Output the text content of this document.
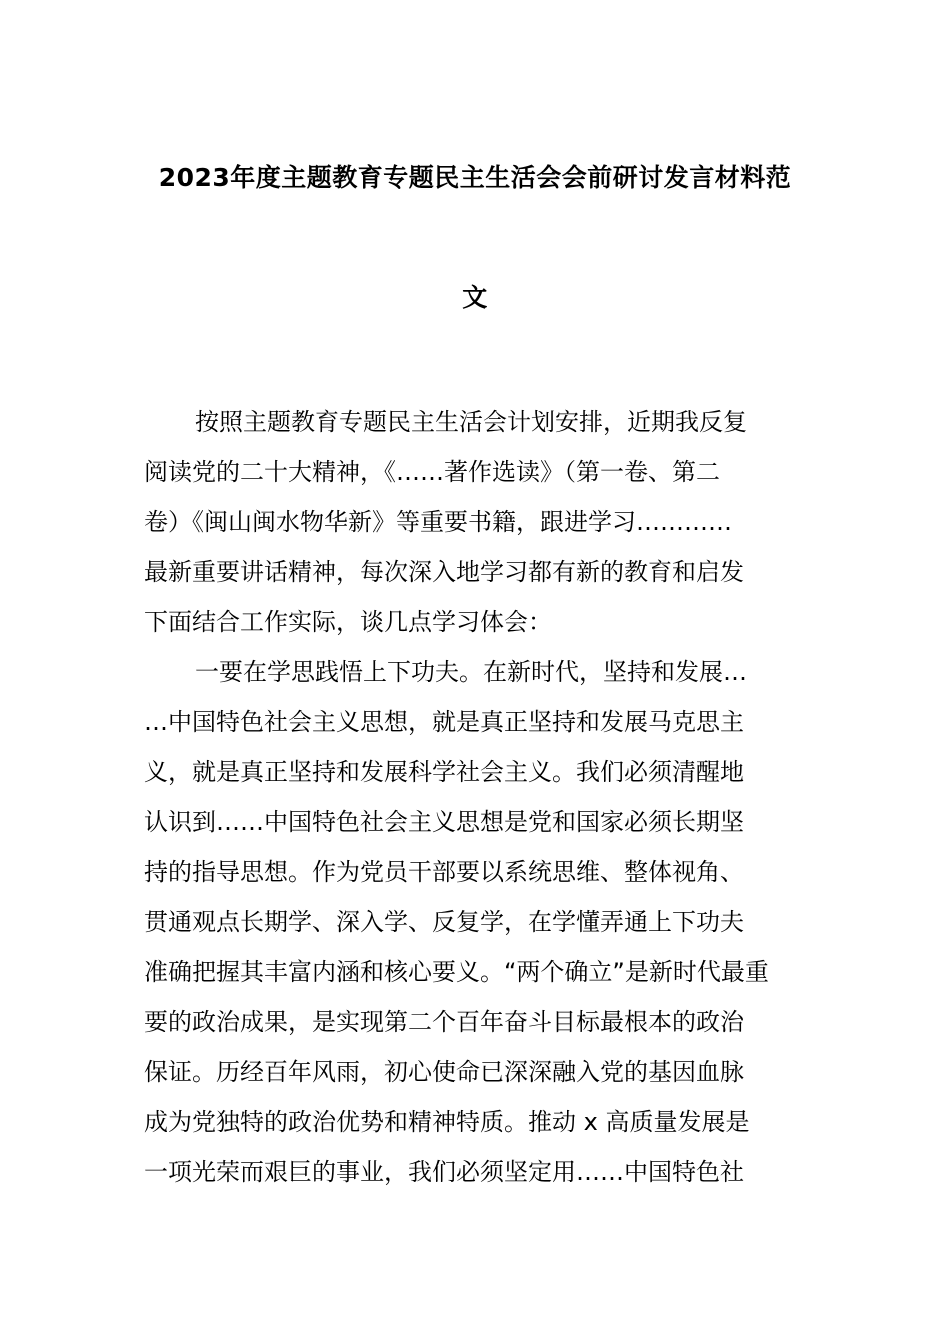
2023年度主题教育专题民主生活会会前研讨发言材料范
文
按照主题教育专题民主生活会计划安排，近期我反复
阅读党的二十大精神，《……著作选读》（第一卷、第二
卷）《闽山闽水物华新》等重要书籍，跟进学习…………
最新重要讲话精神，每次深入地学习都有新的教育和启发
下面结合工作实际，谈几点学习体会：
一要在学思践悟上下功夫。在新时代，坚持和发展…
…中国特色社会主义思想，就是真正坚持和发展马克思主
义，就是真正坚持和发展科学社会主义。我们必须清醒地
认识到……中国特色社会主义思想是党和国家必须长期坚
持的指导思想。作为党员干部要以系统思维、整体视角、
贯通观点长期学、深入学、反复学，在学懂弄通上下功夫
准确把握其丰富内涵和核心要义。“两个确立”是新时代最重
要的政治成果，是实现第二个百年奋斗目标最根本的政治
保证。历经百年风雨，初心使命已深深融入党的基因血脉
成为党独特的政治优势和精神特质。推动 x 高质量发展是
一项光荣而艰巨的事业，我们必须坚定用……中国特色社
